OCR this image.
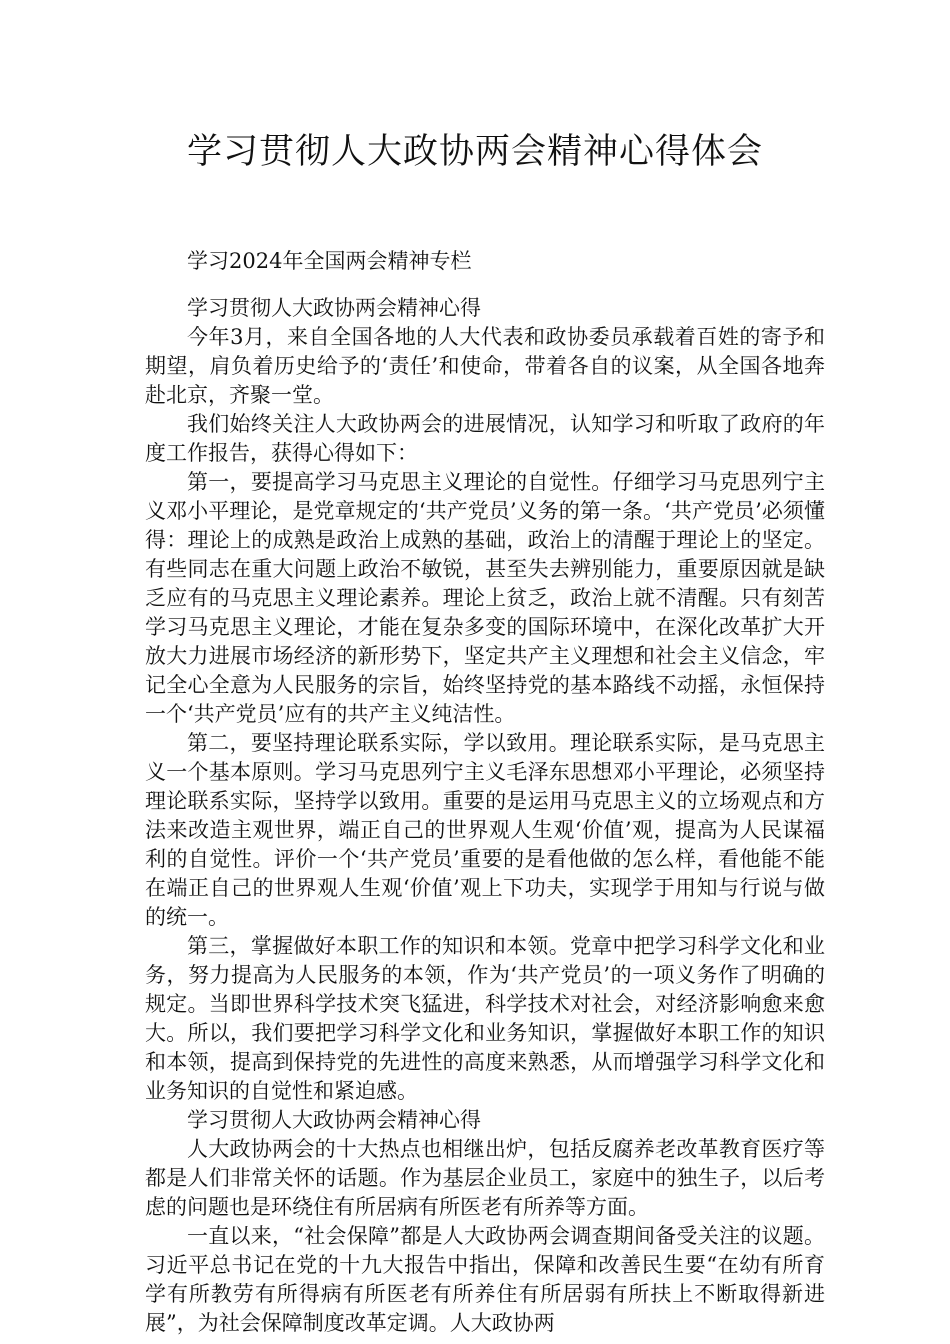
学习贯彻人大政协两会精神心得体会

学习2024年全国两会精神专栏

学习贯彻人大政协两会精神心得

今年3月，来自全国各地的人大代表和政协委员承载着百姓的寄予和期望，肩负着历史给予的‘责任’和使命，带着各自的议案，从全国各地奔赴北京，齐聚一堂。

我们始终关注人大政协两会的进展情况，认知学习和听取了政府的年度工作报告，获得心得如下：

第一，要提高学习马克思主义理论的自觉性。仔细学习马克思列宁主义邓小平理论，是党章规定的‘共产党员’义务的第一条。‘共产党员’必须懂得：理论上的成熟是政治上成熟的基础，政治上的清醒于理论上的坚定。有些同志在重大问题上政治不敏锐，甚至失去辨别能力，重要原因就是缺乏应有的马克思主义理论素养。理论上贫乏，政治上就不清醒。只有刻苦学习马克思主义理论，才能在复杂多变的国际环境中，在深化改革扩大开放大力进展市场经济的新形势下，坚定共产主义理想和社会主义信念，牢记全心全意为人民服务的宗旨，始终坚持党的基本路线不动摇，永恒保持一个‘共产党员’应有的共产主义纯洁性。

第二，要坚持理论联系实际，学以致用。理论联系实际，是马克思主义一个基本原则。学习马克思列宁主义毛泽东思想邓小平理论，必须坚持理论联系实际，坚持学以致用。重要的是运用马克思主义的立场观点和方法来改造主观世界，端正自己的世界观人生观‘价值’观，提高为人民谋福利的自觉性。评价一个‘共产党员’重要的是看他做的怎么样，看他能不能在端正自己的世界观人生观‘价值’观上下功夫，实现学于用知与行说与做的统一。

第三，掌握做好本职工作的知识和本领。党章中把学习科学文化和业务，努力提高为人民服务的本领，作为‘共产党员’的一项义务作了明确的规定。当即世界科学技术突飞猛进，科学技术对社会，对经济影响愈来愈大。所以，我们要把学习科学文化和业务知识，掌握做好本职工作的知识和本领，提高到保持党的先进性的高度来熟悉，从而增强学习科学文化和业务知识的自觉性和紧迫感。

学习贯彻人大政协两会精神心得

人大政协两会的十大热点也相继出炉，包括反腐养老改革教育医疗等都是人们非常关怀的话题。作为基层企业员工，家庭中的独生子，以后考虑的问题也是环绕住有所居病有所医老有所养等方面。

一直以来，“社会保障”都是人大政协两会调查期间备受关注的议题。习近平总书记在党的十九大报告中指出，保障和改善民生要“在幼有所育学有所教劳有所得病有所医老有所养住有所居弱有所扶上不断取得新进展”，为社会保障制度改革定调。人大政协两
